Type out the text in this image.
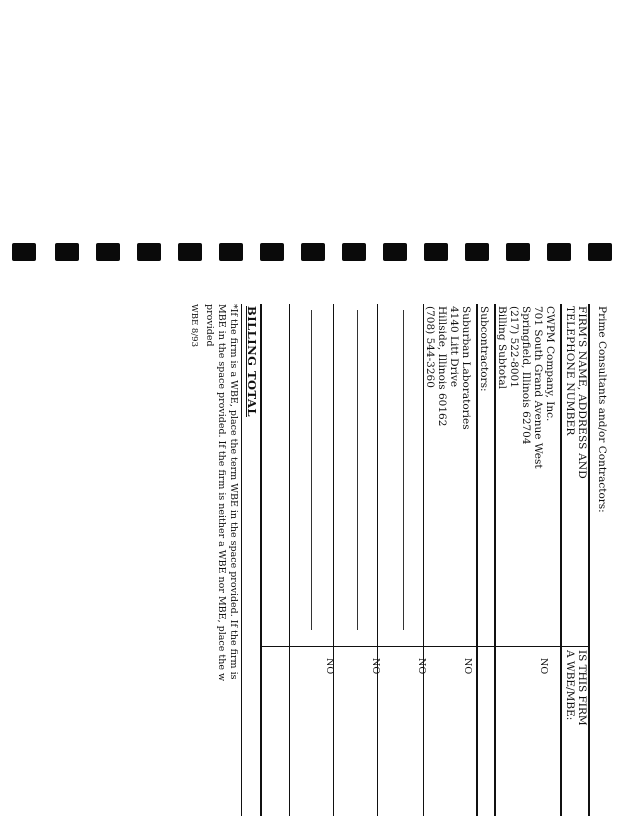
Prime Consultants and/or Contractors:
FIRM'S NAME, ADDRESS AND
TELEPHONE NUMBER
IS THIS FIRM
A WBE/MBE:
CWPM Company, Inc.
701 South Grand Avenue West
Springfield, Illinois 62704
(217) 522-8001
Billing Subtotal
NO
Subcontractors:
Suburban Laboratories
4140 Litt Drive
Hillside, Illinois 60162
(708) 544-3260
NO
NO
NO
NO
BILLING TOTAL
*If the firm is a WBE, place the term WBE in the space provided. If the firm is
MBE in the space provided. If the firm is neither a WBE nor MBE, place the w
provided
WBE 8/93
